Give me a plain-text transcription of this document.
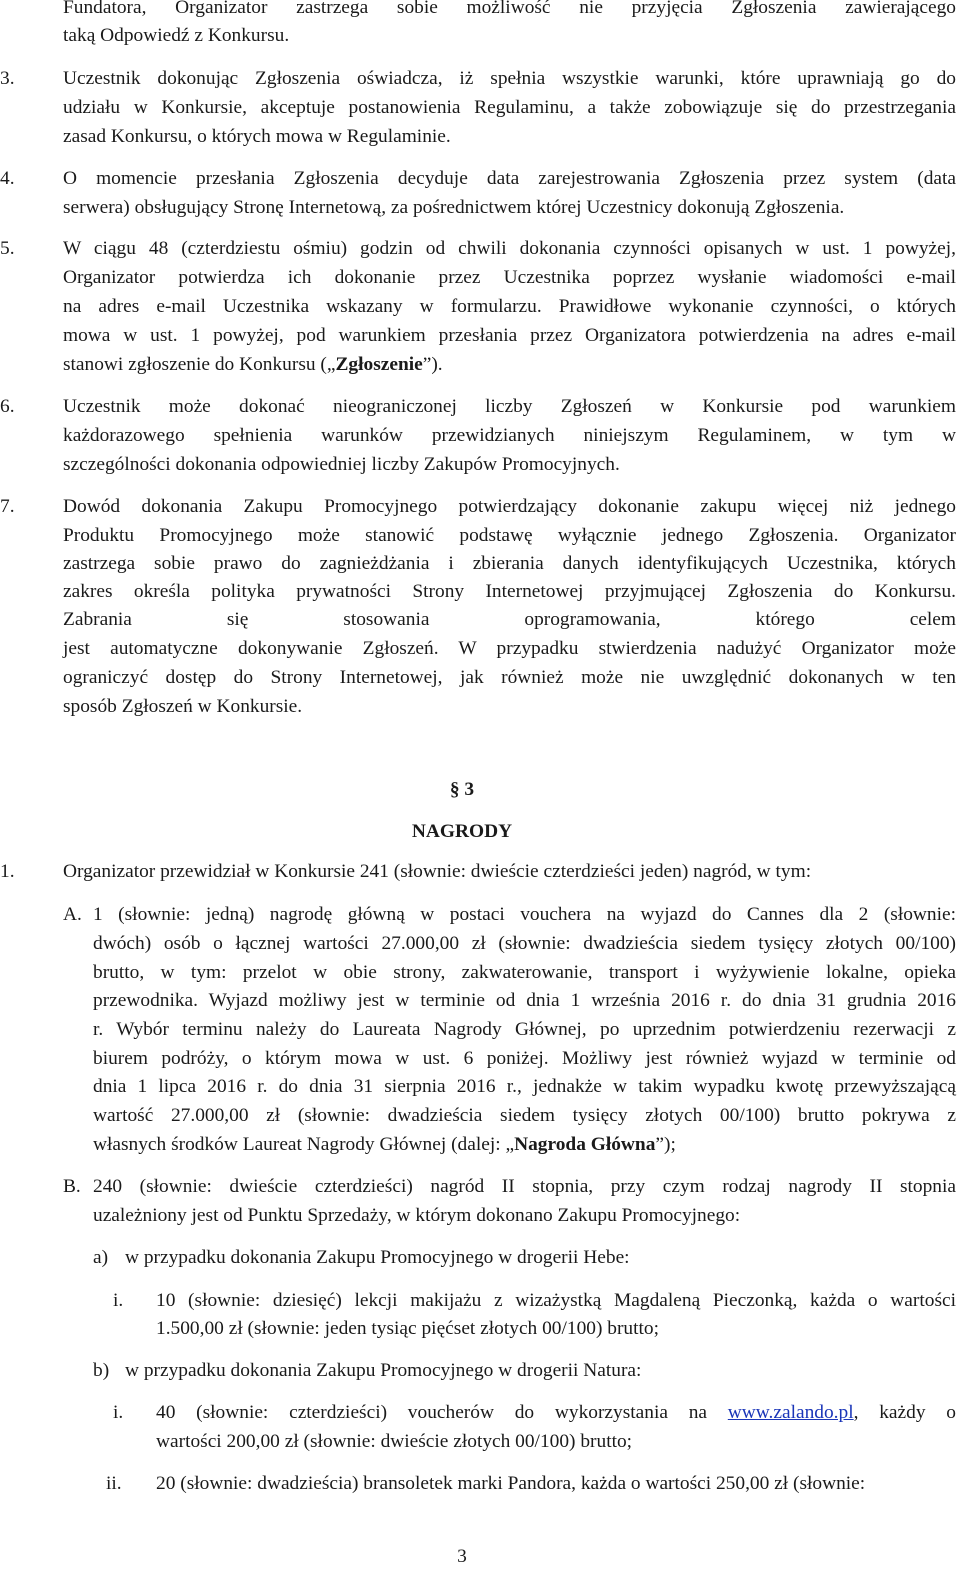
Fundatora, Organizator zastrzega sobie możliwość nie przyjęcia Zgłoszenia zawierającego
taką Odpowiedź z Konkursu.
3. Uczestnik dokonując Zgłoszenia oświadcza, iż spełnia wszystkie warunki, które uprawniają go do
udziału w Konkursie, akceptuje postanowienia Regulaminu, a także zobowiązuje się do przestrzegania
zasad Konkursu, o których mowa w Regulaminie.
4. O momencie przesłania Zgłoszenia decyduje data zarejestrowania Zgłoszenia przez system (data
serwera) obsługujący Stronę Internetową, za pośrednictwem której Uczestnicy dokonują Zgłoszenia.
5. W ciągu 48 (czterdziestu ośmiu) godzin od chwili dokonania czynności opisanych w ust. 1 powyżej,
Organizator potwierdza ich dokonanie przez Uczestnika poprzez wysłanie wiadomości e-mail
na adres e-mail Uczestnika wskazany w formularzu. Prawidłowe wykonanie czynności, o których
mowa w ust. 1 powyżej, pod warunkiem przesłania przez Organizatora potwierdzenia na adres e-mail
stanowi zgłoszenie do Konkursu („Zgłoszenie”).
6. Uczestnik może dokonać nieograniczonej liczby Zgłoszeń w Konkursie pod warunkiem
każdorazowego spełnienia warunków przewidzianych niniejszym Regulaminem, w tym w
szczególności dokonania odpowiedniej liczby Zakupów Promocyjnych.
7. Dowód dokonania Zakupu Promocyjnego potwierdzający dokonanie zakupu więcej niż jednego
Produktu Promocyjnego może stanowić podstawę wyłącznie jednego Zgłoszenia. Organizator
zastrzega sobie prawo do zagnieżdżania i zbierania danych identyfikujących Uczestnika, których
zakres określa polityka prywatności Strony Internetowej przyjmującej Zgłoszenia do Konkursu.
Zabrania się stosowania oprogramowania, którego celem
jest automatyczne dokonywanie Zgłoszeń. W przypadku stwierdzenia nadużyć Organizator może
ograniczyć dostęp do Strony Internetowej, jak również może nie uwzględnić dokonanych w ten
sposób Zgłoszeń w Konkursie.
§ 3
NAGRODY
1. Organizator przewidział w Konkursie 241 (słownie: dwieście czterdzieści jeden) nagród, w tym:
A. 1 (słownie: jedną) nagrodę główną w postaci vouchera na wyjazd do Cannes dla 2 (słownie:
dwóch) osób o łącznej wartości 27.000,00 zł (słownie: dwadzieścia siedem tysięcy złotych 00/100)
brutto, w tym: przelot w obie strony, zakwaterowanie, transport i wyżywienie lokalne, opieka
przewodnika. Wyjazd możliwy jest w terminie od dnia 1 września 2016 r. do dnia 31 grudnia 2016
r. Wybór terminu należy do Laureata Nagrody Głównej, po uprzednim potwierdzeniu rezerwacji z
biurem podróży, o którym mowa w ust. 6 poniżej. Możliwy jest również wyjazd w terminie od
dnia 1 lipca 2016 r. do dnia 31 sierpnia 2016 r., jednakże w takim wypadku kwotę przewyższającą
wartość 27.000,00 zł (słownie: dwadzieścia siedem tysięcy złotych 00/100) brutto pokrywa z
własnych środków Laureat Nagrody Głównej (dalej: „Nagroda Główna”);
B. 240 (słownie: dwieście czterdzieści) nagród II stopnia, przy czym rodzaj nagrody II stopnia
uzależniony jest od Punktu Sprzedaży, w którym dokonano Zakupu Promocyjnego:
a) w przypadku dokonania Zakupu Promocyjnego w drogerii Hebe:
i. 10 (słownie: dziesięć) lekcji makijażu z wizażystką Magdaleną Pieczonką, każda o wartości
1.500,00 zł (słownie: jeden tysiąc pięćset złotych 00/100) brutto;
b) w przypadku dokonania Zakupu Promocyjnego w drogerii Natura:
i. 40 (słownie: czterdzieści) voucherów do wykorzystania na www.zalando.pl, każdy o
wartości 200,00 zł (słownie: dwieście złotych 00/100) brutto;
ii. 20 (słownie: dwadzieścia) bransoletek marki Pandora, każda o wartości 250,00 zł (słownie:
3
